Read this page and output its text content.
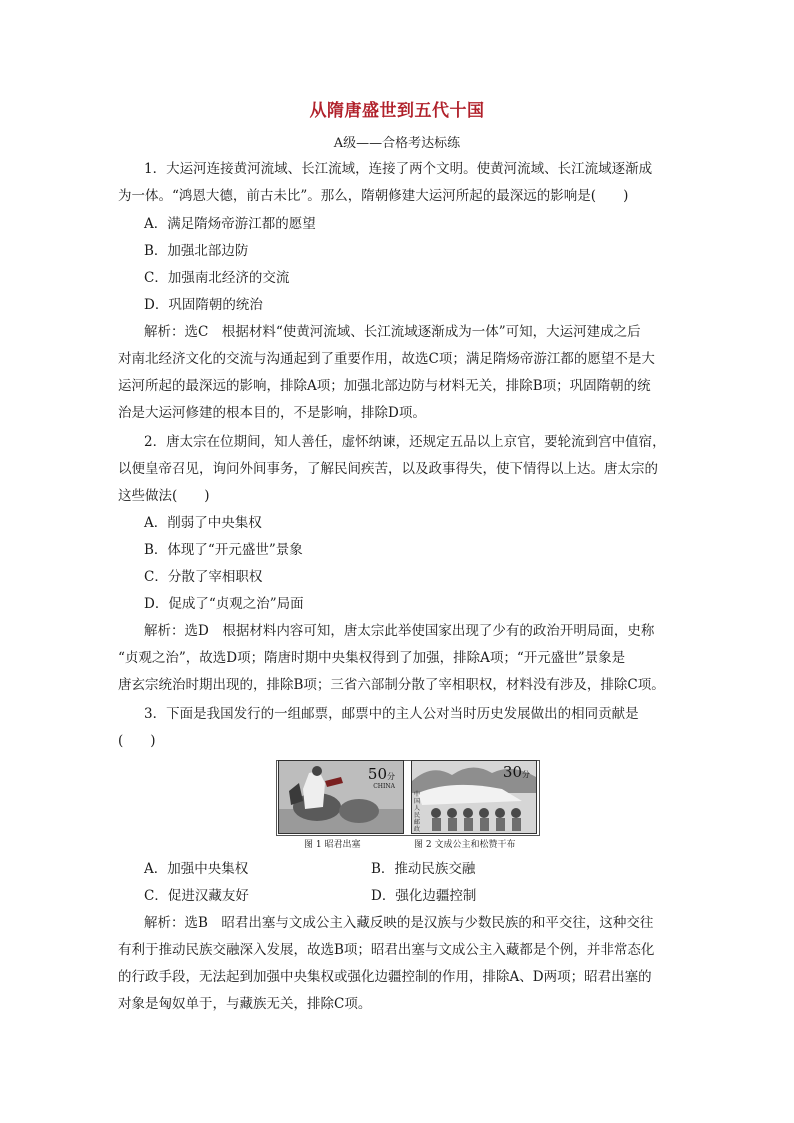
从隋唐盛世到五代十国
A级——合格考达标练
1．大运河连接黄河流域、长江流域，连接了两个文明。使黄河流域、长江流域逐渐成
为一体。“鸿恩大德，前古未比”。那么，隋朝修建大运河所起的最深远的影响是(　　)
A．满足隋炀帝游江都的愿望
B．加强北部边防
C．加强南北经济的交流
D．巩固隋朝的统治
解析：选C　根据材料“使黄河流域、长江流域逐渐成为一体”可知，大运河建成之后
对南北经济文化的交流与沟通起到了重要作用，故选C项；满足隋炀帝游江都的愿望不是大
运河所起的最深远的影响，排除A项；加强北部边防与材料无关，排除B项；巩固隋朝的统
治是大运河修建的根本目的，不是影响，排除D项。
2．唐太宗在位期间，知人善任，虚怀纳谏，还规定五品以上京官，要轮流到宫中值宿，
以便皇帝召见，询问外间事务，了解民间疾苦，以及政事得失，使下情得以上达。唐太宗的
这些做法(　　)
A．削弱了中央集权
B．体现了“开元盛世”景象
C．分散了宰相职权
D．促成了“贞观之治”局面
解析：选D　根据材料内容可知，唐太宗此举使国家出现了少有的政治开明局面，史称
“贞观之治”，故选D项；隋唐时期中央集权得到了加强，排除A项；“开元盛世”景象是
唐玄宗统治时期出现的，排除B项；三省六部制分散了宰相职权，材料没有涉及，排除C项。
3．下面是我国发行的一组邮票，邮票中的主人公对当时历史发展做出的相同贡献是
(　　)
50分
CHINA
30分
中国人民邮政
图 1 昭君出塞	图 2 文成公主和松赞干布
A．加强中央集权	B．推动民族交融
C．促进汉藏友好	D．强化边疆控制
解析：选B　昭君出塞与文成公主入藏反映的是汉族与少数民族的和平交往，这种交往
有利于推动民族交融深入发展，故选B项；昭君出塞与文成公主入藏都是个例，并非常态化
的行政手段，无法起到加强中央集权或强化边疆控制的作用，排除A、D两项；昭君出塞的
对象是匈奴单于，与藏族无关，排除C项。
